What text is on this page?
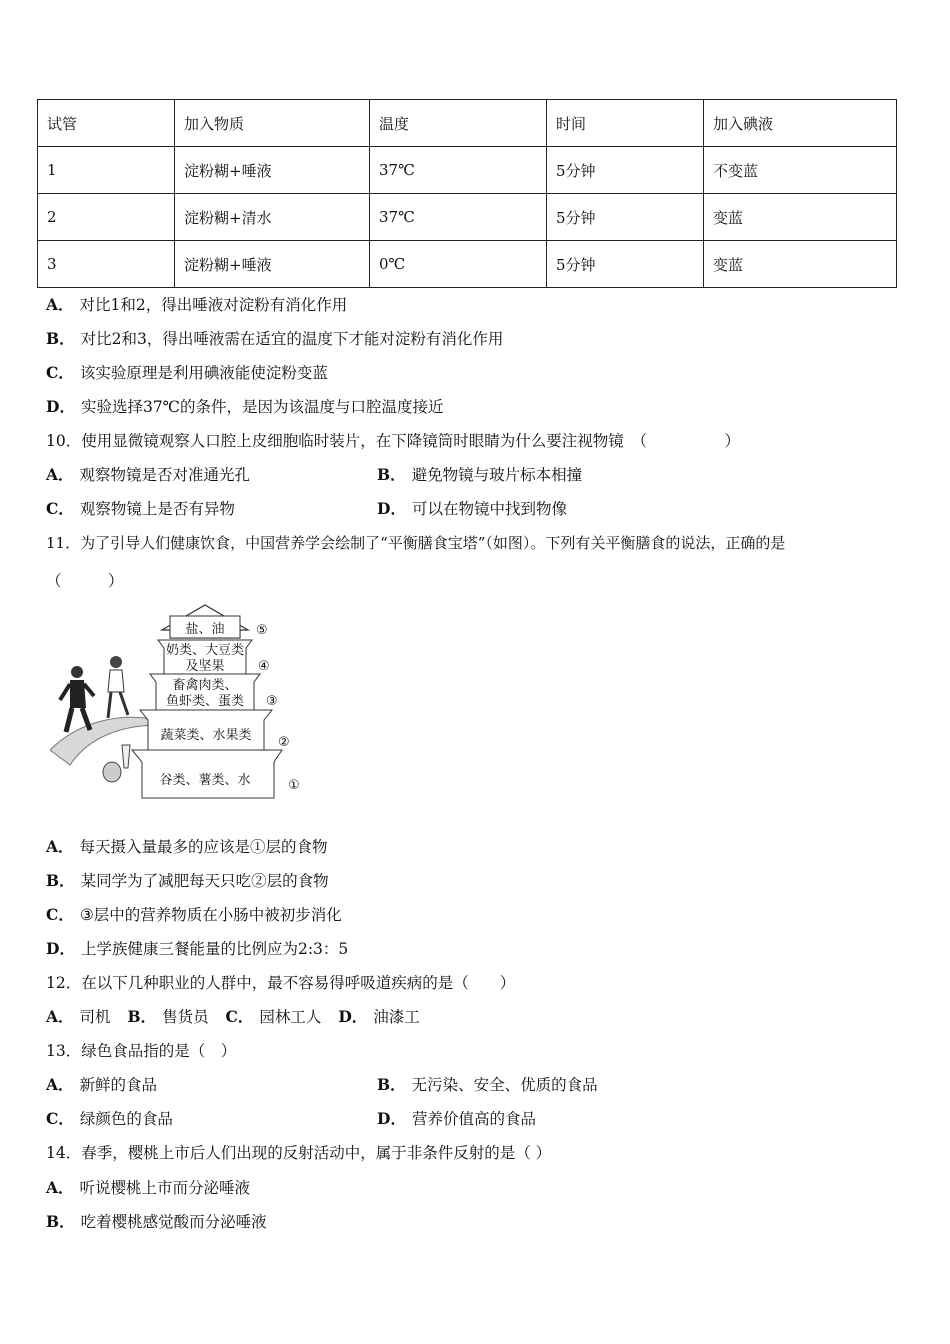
试管	加入物质	温度	时间	加入碘液
1	淀粉糊+唾液	37℃	5分钟	不变蓝
2	淀粉糊+清水	37℃	5分钟	变蓝
3	淀粉糊+唾液	0℃	5分钟	变蓝
A． 对比1和2，得出唾液对淀粉有消化作用
B． 对比2和3，得出唾液需在适宜的温度下才能对淀粉有消化作用
C． 该实验原理是利用碘液能使淀粉变蓝
D． 实验选择37℃的条件，是因为该温度与口腔温度接近
10．使用显微镜观察人口腔上皮细胞临时装片，在下降镜筒时眼睛为什么要注视物镜　（　　　　　）
A． 观察物镜是否对准通光孔	B． 避免物镜与玻片标本相撞
C． 观察物镜上是否有异物	D． 可以在物镜中找到物像
11．为了引导人们健康饮食，中国营养学会绘制了“平衡膳食宝塔”（如图）。下列有关平衡膳食的说法，正确的是
（　　　）
盐、油 ⑤
奶类、大豆类
及坚果	④
畜禽肉类、
鱼虾类、蛋类 ③
蔬菜类、水果类 ②
谷类、薯类、水	①
A． 每天摄入量最多的应该是①层的食物
B． 某同学为了减肥每天只吃②层的食物
C． ③层中的营养物质在小肠中被初步消化
D． 上学族健康三餐能量的比例应为2:3：5
12．在以下几种职业的人群中，最不容易得呼吸道疾病的是（　　）
A． 司机 B． 售货员 C． 园林工人 D． 油漆工
13．绿色食品指的是（　）
A． 新鲜的食品	B． 无污染、安全、优质的食品
C． 绿颜色的食品	D． 营养价值高的食品
14．春季，樱桃上市后人们出现的反射活动中，属于非条件反射的是（ ）
A． 听说樱桃上市而分泌唾液
B． 吃着樱桃感觉酸而分泌唾液
